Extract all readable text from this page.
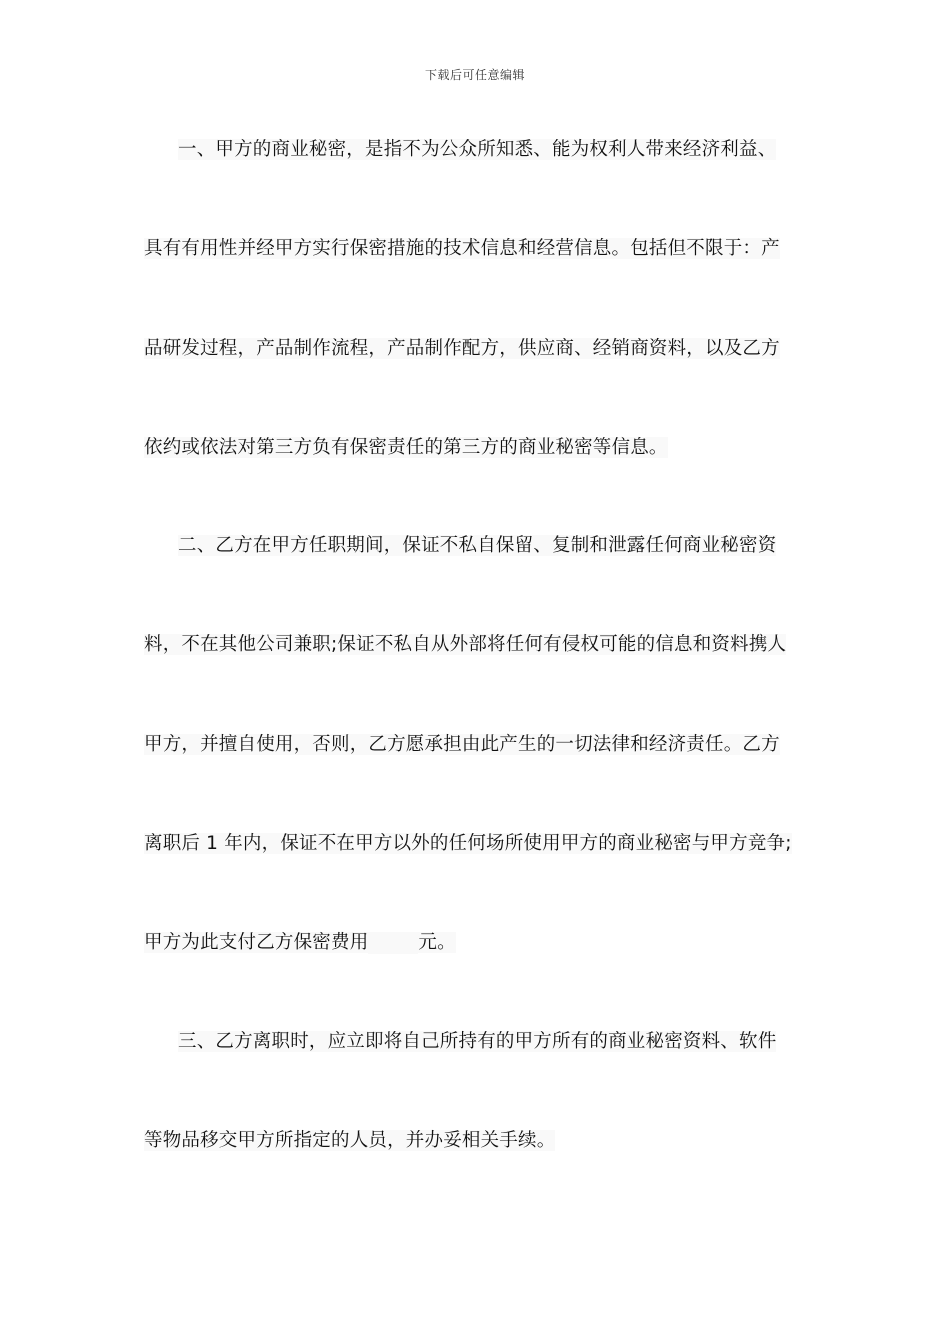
下载后可任意编辑
一、甲方的商业秘密，是指不为公众所知悉、能为权利人带来经济利益、
具有有用性并经甲方实行保密措施的技术信息和经营信息。包括但不限于：产
品研发过程，产品制作流程，产品制作配方，供应商、经销商资料，以及乙方
依约或依法对第三方负有保密责任的第三方的商业秘密等信息。
二、乙方在甲方任职期间，保证不私自保留、复制和泄露任何商业秘密资
料，不在其他公司兼职;保证不私自从外部将任何有侵权可能的信息和资料携人
甲方，并擅自使用，否则，乙方愿承担由此产生的一切法律和经济责任。乙方
离职后 1 年内，保证不在甲方以外的任何场所使用甲方的商业秘密与甲方竞争;
甲方为此支付乙方保密费用	元。
三、乙方离职时，应立即将自己所持有的甲方所有的商业秘密资料、软件
等物品移交甲方所指定的人员，并办妥相关手续。
